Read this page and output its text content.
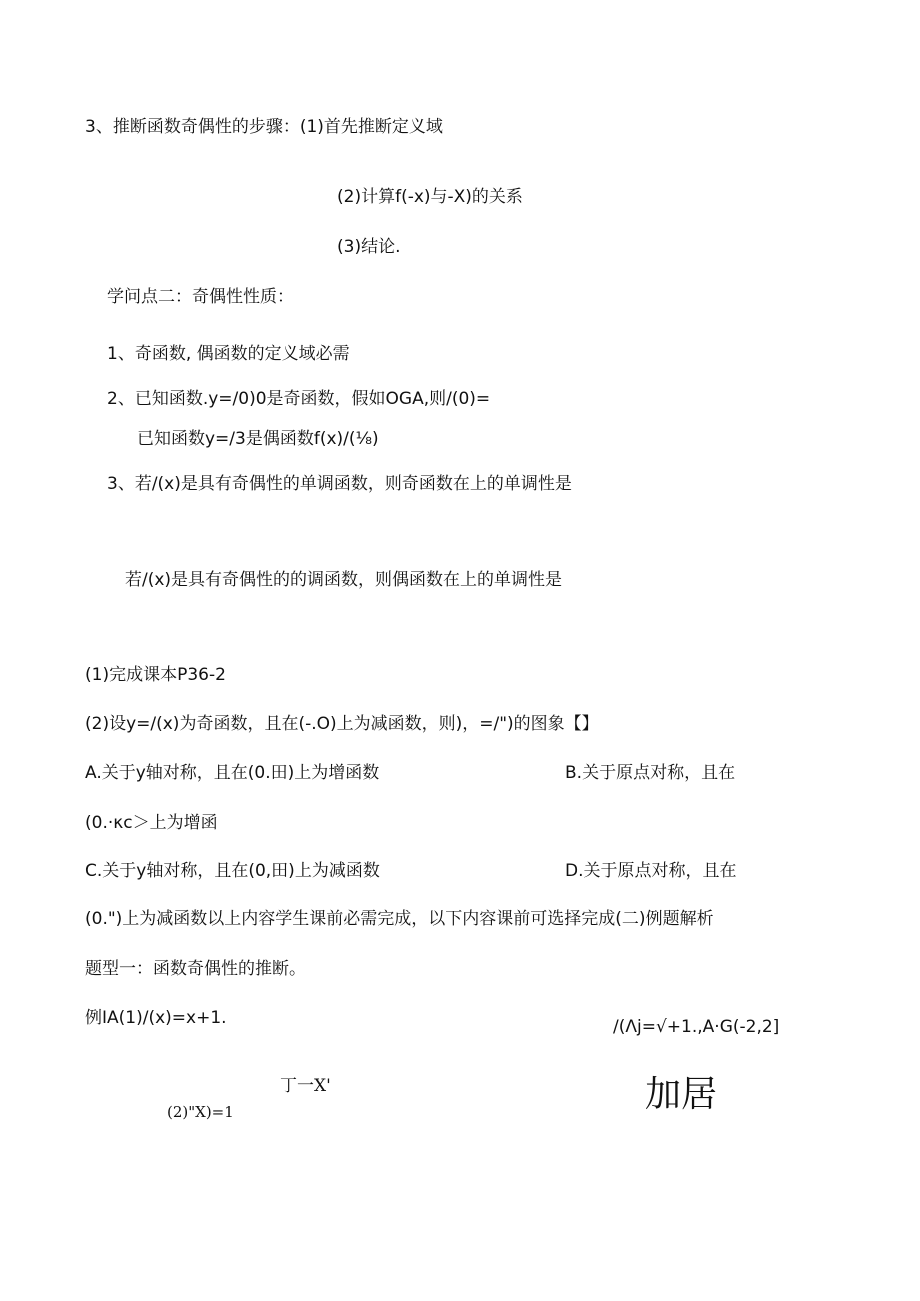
3、推断函数奇偶性的步骤：(1)首先推断定义域
(2)计算f(-x)与-X)的关系
(3)结论.
学问点二：奇偶性性质：
1、奇函数, 偶函数的定义域必需
2、已知函数.y=/0)0是奇函数，假如OGA,则/(0)=
已知函数y=/3是偶函数f(x)/(⅛)
3、若/(x)是具有奇偶性的单调函数，则奇函数在上的单调性是
若/(x)是具有奇偶性的的调函数，则偶函数在上的单调性是
(1)完成课本P36-2
(2)设y=/(x)为奇函数，且在(-.O)上为减函数，则)，=/")的图象【】
A.关于y轴对称，且在(0.田)上为增函数	B.关于原点对称，且在
(0.·κc＞上为增函
C.关于y轴对称，且在(0,田)上为减函数	D.关于原点对称，且在
(0.")上为减函数以上内容学生课前必需完成，以下内容课前可选择完成(二)例题解析
题型一：函数奇偶性的推断。
例IA(1)/(x)=x+1.	/(Λj=√+1.,A·G(-2,2]
丁一X'
(2)"X)=1	加居
